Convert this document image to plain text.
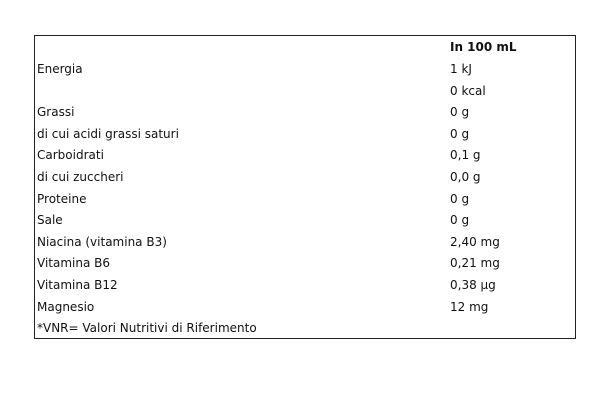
In 100 mL
Energia	1 kJ
0 kcal
Grassi	0 g
di cui acidi grassi saturi	0 g
Carboidrati	0,1 g
di cui zuccheri	0,0 g
Proteine	0 g
Sale	0 g
Niacina (vitamina B3)	2,40 mg
Vitamina B6	0,21 mg
Vitamina B12	0,38 µg
Magnesio	12 mg
*VNR= Valori Nutritivi di Riferimento
